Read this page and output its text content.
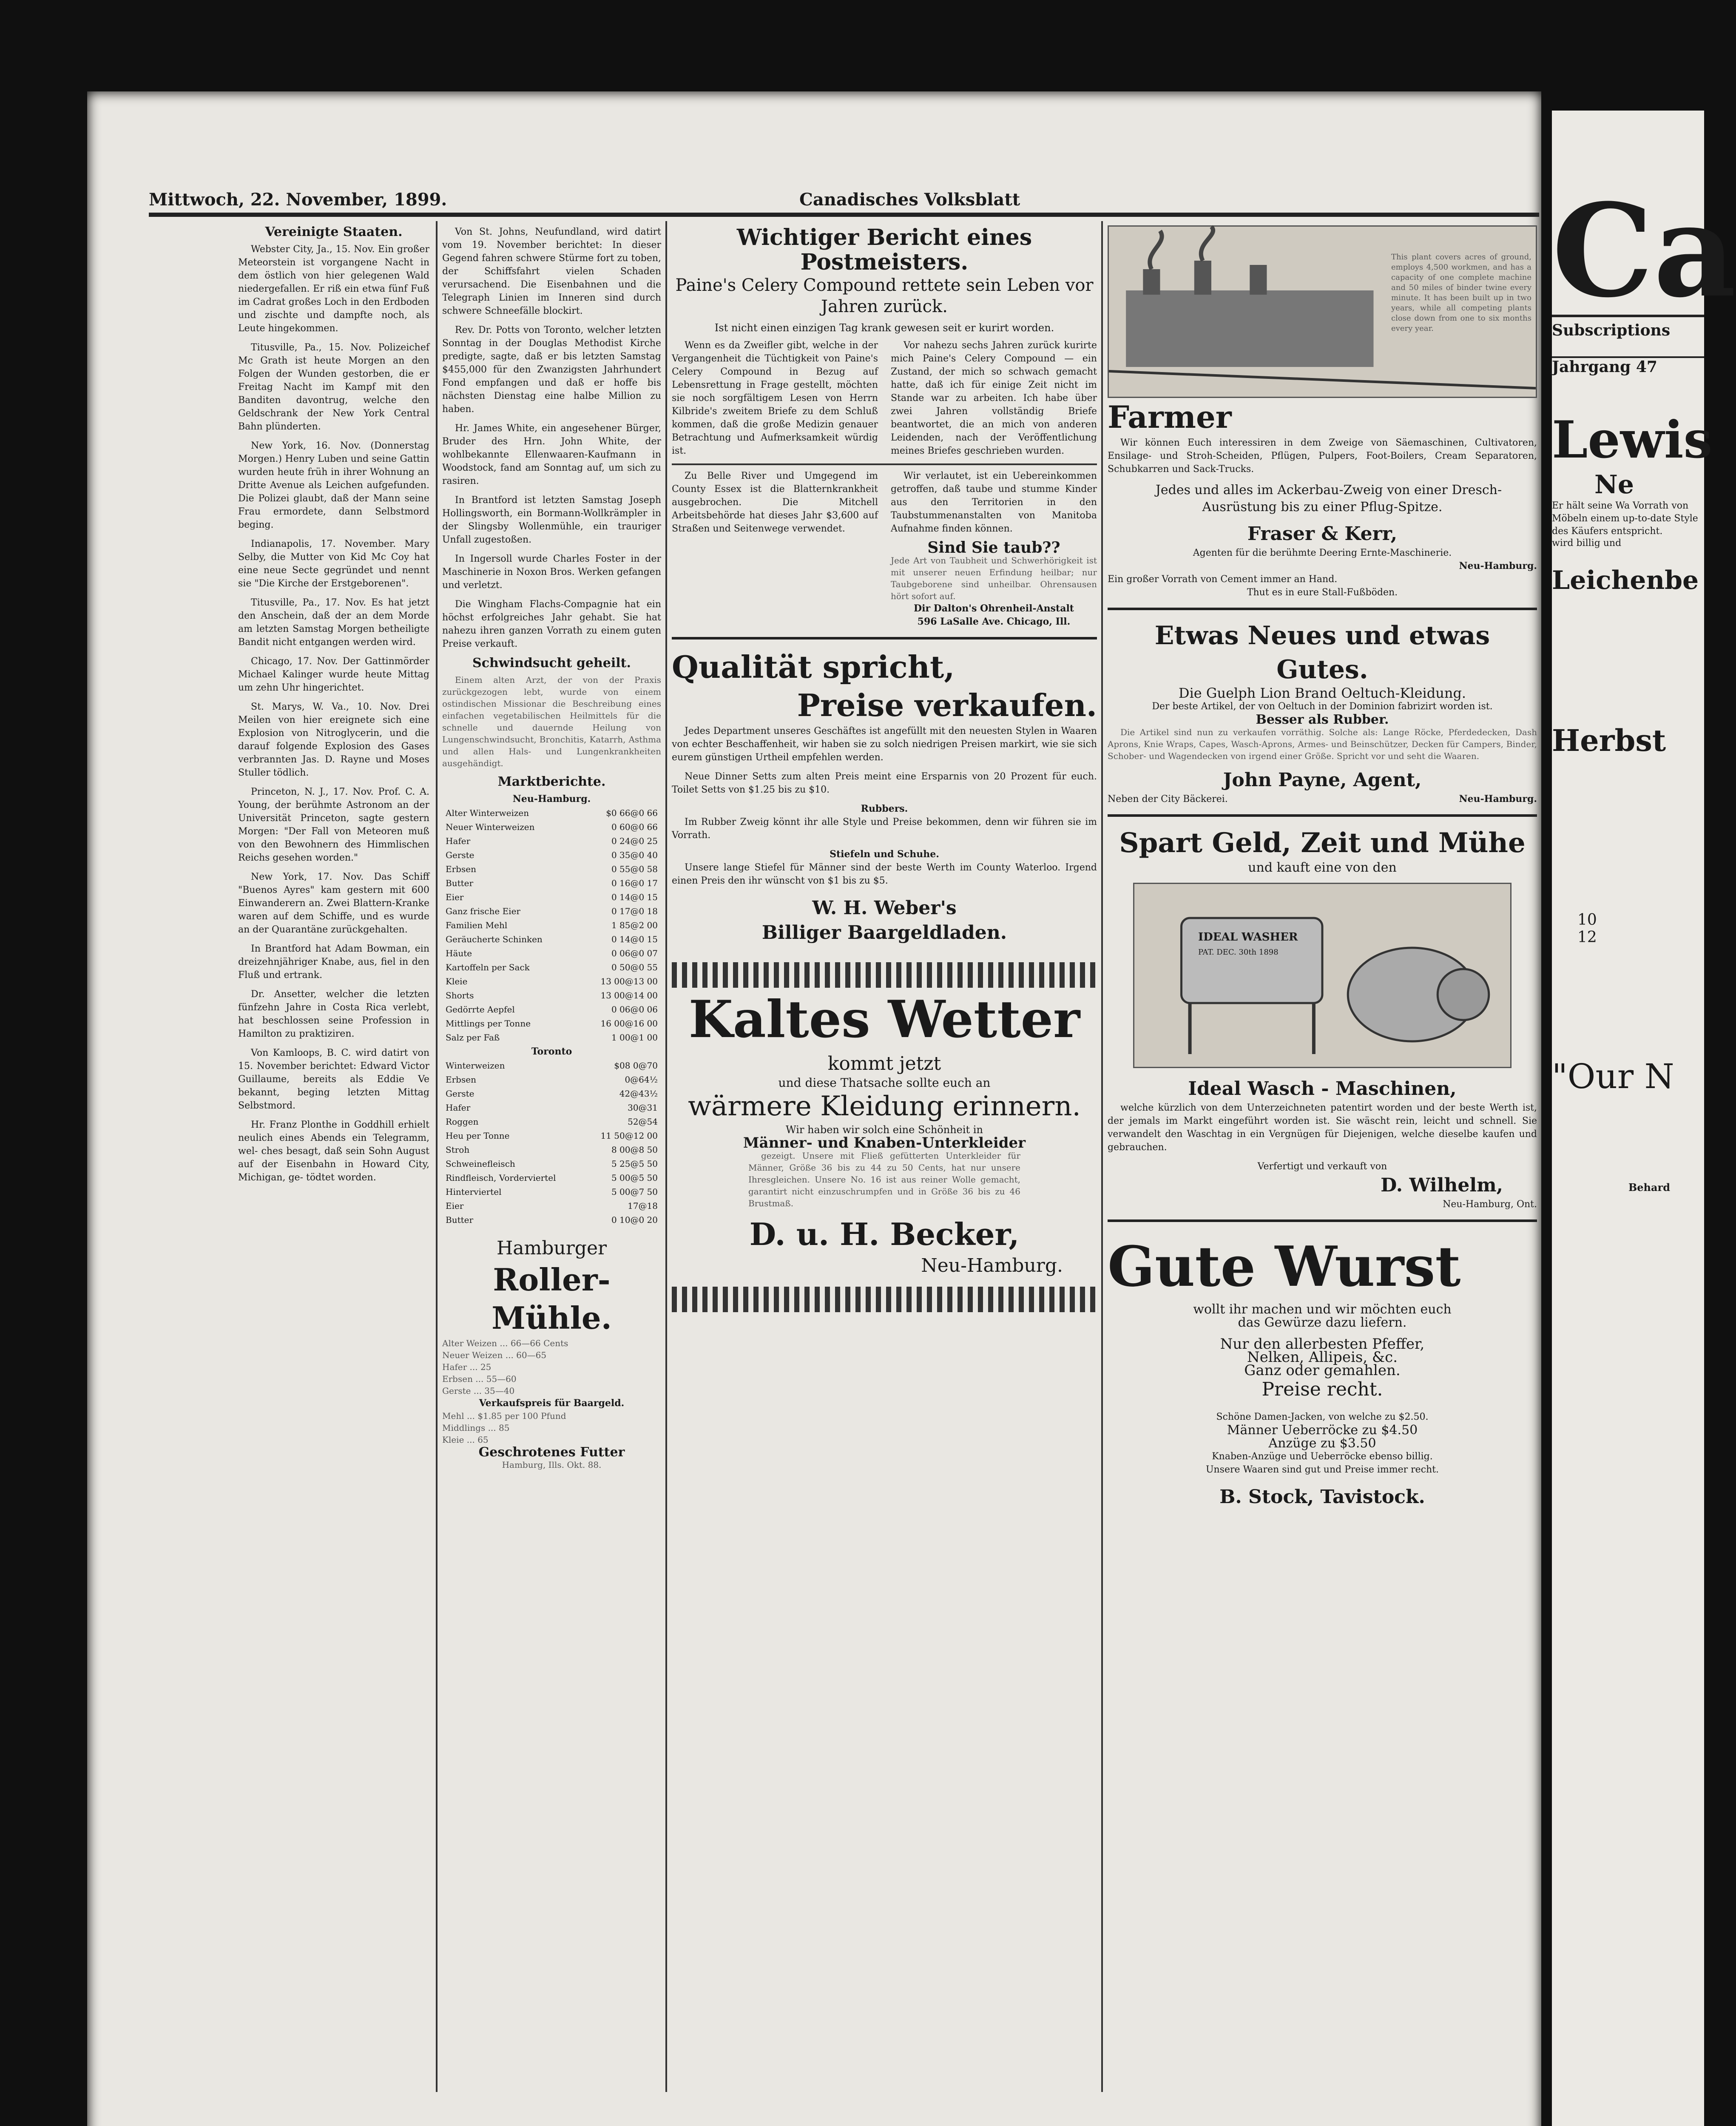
Mittwoch, 22. November, 1899.	Canadisches Volksblatt
Vereinigte Staaten.

Webster City, Ja., 15. Nov. Ein großer Meteorstein ist vorgangene Nacht in dem östlich von hier gelegenen Wald niedergefallen. Er riß ein etwa fünf Fuß im Cadrat großes Loch in den Erdboden und zischte und dampfte noch, als Leute hingekommen.

Titusville, Pa., 15. Nov. Polizeichef Mc Grath ist heute Morgen an den Folgen der Wunden gestorben, die er Freitag Nacht im Kampf mit den Banditen davontrug, welche den Geldschrank der New York Central Bahn plünderten.

New York, 16. Nov. (Donnerstag Morgen.) Henry Luben und seine Gattin wurden heute früh in ihrer Wohnung an Dritte Avenue als Leichen aufgefunden. Die Polizei glaubt, daß der Mann seine Frau ermordete, dann Selbstmord beging.

Indianapolis, 17. November. Mary Selby, die Mutter von Kid Mc Coy hat eine neue Secte gegründet und nennt sie "Die Kirche der Erstgeborenen".

Titusville, Pa., 17. Nov. Es hat jetzt den Anschein, daß der an dem Morde am letzten Samstag Morgen betheiligte Bandit nicht entgangen werden wird.

Chicago, 17. Nov. Der Gattinmörder Michael Kalinger wurde heute Mittag um zehn Uhr hingerichtet.

St. Marys, W. Va., 10. Nov. Drei Meilen von hier ereignete sich eine Explosion von Nitroglycerin, und die darauf folgende Explosion des Gases verbrannten Jas. D. Rayne und Moses Stuller tödlich.

Princeton, N. J., 17. Nov. Prof. C. A. Young, der berühmte Astronom an der Universität Princeton, sagte gestern Morgen: "Der Fall von Meteoren muß von den Bewohnern des Himmlischen Reichs gesehen worden."

New York, 17. Nov. Das Schiff "Buenos Ayres" kam gestern mit 600 Einwanderern an. Zwei Blattern-Kranke waren auf dem Schiffe, und es wurde an der Quarantäne zurückgehalten.

In Brantford hat Adam Bowman, ein dreizehnjähriger Knabe, aus, fiel in den Fluß und ertrank.

Dr. Ansetter, welcher die letzten fünfzehn Jahre in Costa Rica verlebt, hat beschlossen seine Profession in Hamilton zu praktiziren.

Von Kamloops, B. C. wird datirt von 15. November berichtet: Edward Victor Guillaume, bereits als Eddie Ve bekannt, beging letzten Mittag Selbstmord.

Hr. Franz Plonthe in Goddhill erhielt neulich eines Abends ein Telegramm, wel- ches besagt, daß sein Sohn August auf der Eisenbahn in Howard City, Michigan, ge- tödtet worden.

Von St. Johns, Neufundland, wird datirt vom 19. November berichtet: In dieser Gegend fahren schwere Stürme fort zu toben, der Schiffsfahrt vielen Schaden verursachend. Die Eisenbahnen und die Telegraph Linien im Inneren sind durch schwere Schneefälle blockirt.

Rev. Dr. Potts von Toronto, welcher letzten Sonntag in der Douglas Methodist Kirche predigte, sagte, daß er bis letzten Samstag $455,000 für den Zwanzigsten Jahrhundert Fond empfangen und daß er hoffe bis nächsten Dienstag eine halbe Million zu haben.

Hr. James White, ein angesehener Bürger, Bruder des Hrn. John White, der wohlbekannte Ellenwaaren-Kaufmann in Woodstock, fand am Sonntag auf, um sich zu rasiren.

In Brantford ist letzten Samstag Joseph Hollingsworth, ein Bormann-Wollkrämpler in der Slingsby Wollenmühle, ein trauriger Unfall zugestoßen.

In Ingersoll wurde Charles Foster in der Maschinerie in Noxon Bros. Werken gefangen und verletzt.

Die Wingham Flachs-Compagnie hat ein höchst erfolgreiches Jahr gehabt. Sie hat nahezu ihren ganzen Vorrath zu einem guten Preise verkauft.

Schwindsucht geheilt.

Einem alten Arzt, der von der Praxis zurückgezogen lebt, wurde von einem ostindischen Missionar die Beschreibung eines einfachen vegetabilischen Heilmittels für die schnelle und dauernde Heilung von Lungenschwindsucht, Bronchitis, Katarrh, Asthma und allen Hals- und Lungenkrankheiten ausgehändigt.

Marktberichte.
Neu-Hamburg.
Alter Winterweizen	$0 66@0 66
Neuer Winterweizen	0 60@0 66
Hafer	0 24@0 25
Gerste	0 35@0 40
Erbsen	0 55@0 58
Butter	0 16@0 17
Eier	0 14@0 15
Ganz frische Eier	0 17@0 18
Familien Mehl	1 85@2 00
Geräucherte Schinken	0 14@0 15
Häute	0 06@0 07
Kartoffeln per Sack	0 50@0 55
Kleie	13 00@13 00
Shorts	13 00@14 00
Gedörrte Aepfel	0 06@0 06
Mittlings per Tonne	16 00@16 00
Salz per Faß	1 00@1 00
Toronto
Winterweizen	$08 0@70
Erbsen	0@64½
Gerste	42@43½
Hafer	30@31
Roggen	52@54
Heu per Tonne	11 50@12 00
Stroh	8 00@8 50
Schweinefleisch	5 25@5 50
Rindfleisch, Vorderviertel	5 00@5 50
Hinterviertel	5 00@7 50
Eier	17@18
Butter	0 10@0 20
Hamburger
Roller-Mühle.
Alter Weizen ... 66—66 Cents
Neuer Weizen ... 60—65
Hafer ... 25
Erbsen ... 55—60
Gerste ... 35—40
Verkaufspreis für Baargeld.
Mehl ... $1.85 per 100 Pfund
Middlings ... 85
Kleie ... 65
Geschrotenes Futter
Hamburg, Ills. Okt. 88.
Wichtiger Bericht eines Postmeisters.
Paine's Celery Compound rettete sein Leben vor Jahren zurück.
Ist nicht einen einzigen Tag krank gewesen seit er kurirt worden.

Wenn es da Zweifler gibt, welche in der Vergangenheit die Tüchtigkeit von Paine's Celery Compound in Bezug auf Lebensrettung in Frage gestellt, möchten sie noch sorgfältigem Lesen von Herrn Kilbride's zweitem Briefe zu dem Schluß kommen, daß die große Medizin genauer Betrachtung und Aufmerksamkeit würdig ist.

Vor nahezu sechs Jahren zurück kurirte mich Paine's Celery Compound — ein Zustand, der mich so schwach gemacht hatte, daß ich für einige Zeit nicht im Stande war zu arbeiten. Ich habe über zwei Jahren vollständig Briefe beantwortet, die an mich von anderen Leidenden, nach der Veröffentlichung meines Briefes geschrieben wurden.

Zu Belle River und Umgegend im County Essex ist die Blatternkrankheit ausgebrochen. Die Mitchell Arbeitsbehörde hat dieses Jahr $3,600 auf Straßen und Seitenwege verwendet.

Wir verlautet, ist ein Uebereinkommen getroffen, daß taube und stumme Kinder aus den Territorien in den Taubstummenanstalten von Manitoba Aufnahme finden können.

Sind Sie taub??
Jede Art von Taubheit und Schwerhörigkeit ist mit unserer neuen Erfindung heilbar; nur Taubgeborene sind unheilbar. Ohrensausen hört sofort auf.
Dir Dalton's Ohrenheil-Anstalt
596 LaSalle Ave. Chicago, Ill.
Qualität spricht,
Preise verkaufen.

Jedes Department unseres Geschäftes ist angefüllt mit den neuesten Stylen in Waaren von echter Beschaffenheit, wir haben sie zu solch niedrigen Preisen markirt, wie sie sich eurem günstigen Urtheil empfehlen werden.

Neue Dinner Setts zum alten Preis meint eine Ersparnis von 20 Prozent für euch. Toilet Setts von $1.25 bis zu $10.

Rubbers.

Im Rubber Zweig könnt ihr alle Style und Preise bekommen, denn wir führen sie im Vorrath.

Stiefeln und Schuhe.

Unsere lange Stiefel für Männer sind der beste Werth im County Waterloo. Irgend einen Preis den ihr wünscht von $1 bis zu $5.

W. H. Weber's
Billiger Baargeldladen.
Kaltes Wetter
kommt jetzt
und diese Thatsache sollte euch an
wärmere Kleidung erinnern.
Wir haben wir solch eine Schönheit in
Männer- und Knaben-Unterkleider

gezeigt. Unsere mit Fließ gefütterten Unterkleider für Männer, Größe 36 bis zu 44 zu 50 Cents, hat nur unsere Ihresgleichen. Unsere No. 16 ist aus reiner Wolle gemacht, garantirt nicht einzuschrumpfen und in Größe 36 bis zu 46 Brustmaß.

D. u. H. Becker,
Neu-Hamburg.
This plant covers acres of ground, employs 4,500 workmen, and has a capacity of one complete machine and 50 miles of binder twine every minute. It has been built up in two years, while all competing plants close down from one to six months every year.
Farmer

Wir können Euch interessiren in dem Zweige von Säemaschinen, Cultivatoren, Ensilage- und Stroh-Scheiden, Pflügen, Pulpers, Foot-Boilers, Cream Separatoren, Schubkarren und Sack-Trucks.

Jedes und alles im Ackerbau-Zweig von einer Dresch-Ausrüstung bis zu einer Pflug-Spitze.

Fraser & Kerr,
Agenten für die berühmte Deering Ernte-Maschinerie.
Neu-Hamburg.
Ein großer Vorrath von Cement immer an Hand.
Thut es in eure Stall-Fußböden.
Etwas Neues und etwas Gutes.
Die Guelph Lion Brand Oeltuch-Kleidung.
Der beste Artikel, der von Oeltuch in der Dominion fabrizirt worden ist.
Besser als Rubber.

Die Artikel sind nun zu verkaufen vorräthig. Solche als: Lange Röcke, Pferdedecken, Dash Aprons, Knie Wraps, Capes, Wasch-Aprons, Armes- und Beinschützer, Decken für Campers, Binder, Schober- und Wagendecken von irgend einer Größe. Spricht vor und seht die Waaren.

John Payne, Agent,
Neben der City Bäckerei.	Neu-Hamburg.
Spart Geld, Zeit und Mühe
und kauft eine von den
IDEAL WASHER
PAT. DEC. 30th 1898
Ideal Wasch - Maschinen,

welche kürzlich von dem Unterzeichneten patentirt worden und der beste Werth ist, der jemals im Markt eingeführt worden ist. Sie wäscht rein, leicht und schnell. Sie verwandelt den Waschtag in ein Vergnügen für Diejenigen, welche dieselbe kaufen und gebrauchen.

Verfertigt und verkauft von
D. Wilhelm,
Neu-Hamburg, Ont.
Gute Wurst
wollt ihr machen und wir möchten euch
das Gewürze dazu liefern.
Nur den allerbesten Pfeffer,
Nelken, Allipeis, &c.
Ganz oder gemahlen.
Preise recht.
Schöne Damen-Jacken, von welche zu $2.50.
Männer Ueberröcke zu $4.50
Anzüge zu $3.50
Knaben-Anzüge und Ueberröcke ebenso billig.
Unsere Waaren sind gut und Preise immer recht.
B. Stock, Tavistock.
Ca
Subscriptions
Jahrgang 47
Lewis
Ne
Er hält seine Wa Vorrath von Möbeln einem up-to-date Style des Käufers entspricht.
wird billig und
Leichenbe
Herbst
10
12
"Our N
Behard
